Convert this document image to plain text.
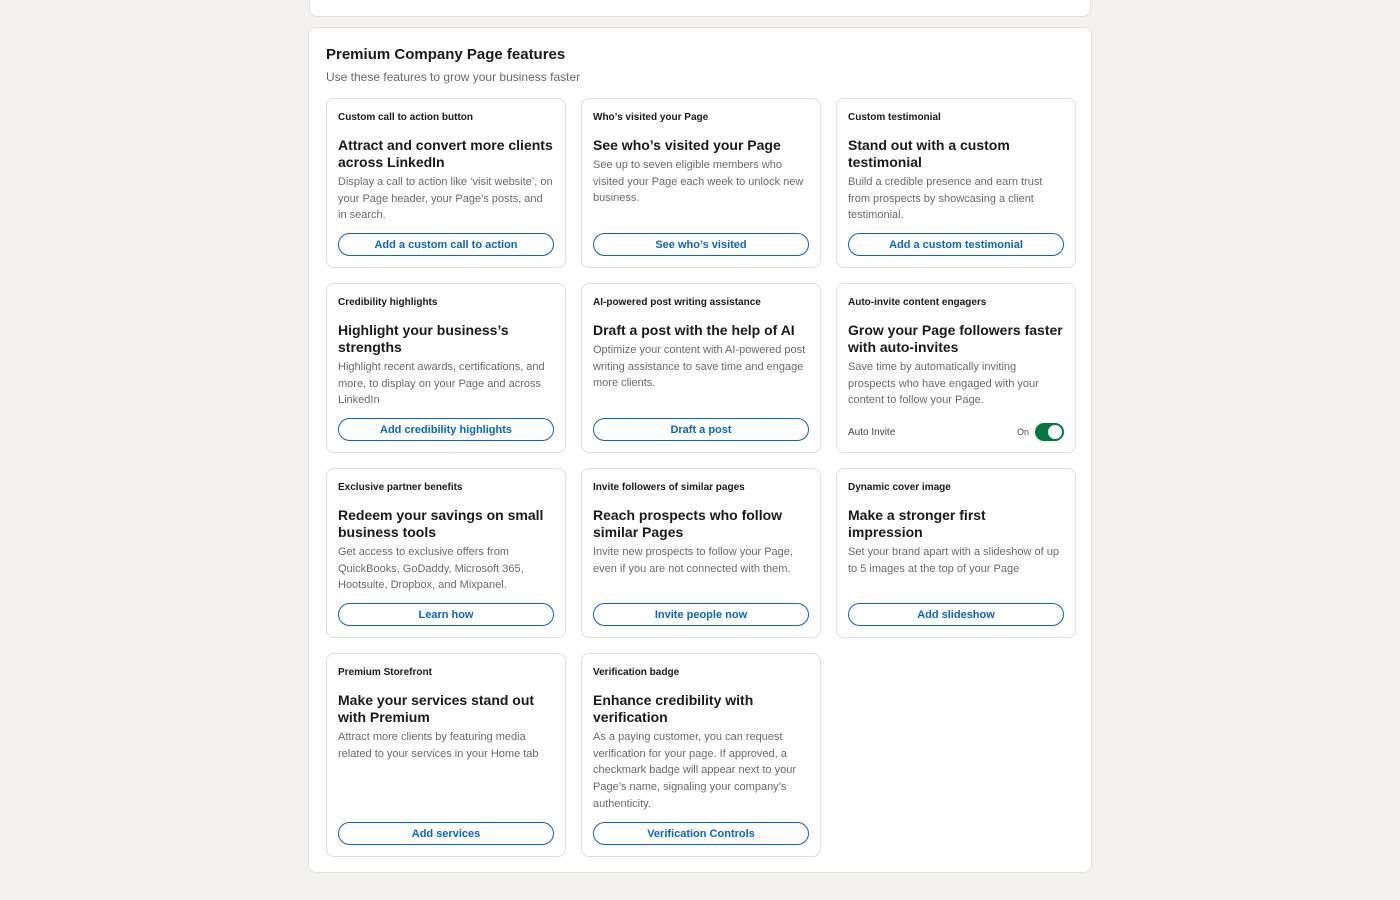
Premium Company Page features

Use these features to grow your business faster

Custom call to action button
Attract and convert more clients across LinkedIn
Display a call to action like ‘visit website’, on your Page header, your Page’s posts, and in search.
Add a custom call to action
Who’s visited your Page
See who’s visited your Page
See up to seven eligible members who visited your Page each week to unlock new business.
See who’s visited
Custom testimonial
Stand out with a custom testimonial
Build a credible presence and earn trust from prospects by showcasing a client testimonial.
Add a custom testimonial
Credibility highlights
Highlight your business’s strengths
Highlight recent awards, certifications, and more, to display on your Page and across LinkedIn
Add credibility highlights
AI-powered post writing assistance
Draft a post with the help of AI
Optimize your content with AI-powered post writing assistance to save time and engage more clients.
Draft a post
Auto-invite content engagers
Grow your Page followers faster with auto-invites
Save time by automatically inviting prospects who have engaged with your content to follow your Page.
Auto Invite	On
Exclusive partner benefits
Redeem your savings on small business tools
Get access to exclusive offers from QuickBooks, GoDaddy, Microsoft 365, Hootsuite, Dropbox, and Mixpanel.
Learn how
Invite followers of similar pages
Reach prospects who follow similar Pages
Invite new prospects to follow your Page, even if you are not connected with them.
Invite people now
Dynamic cover image
Make a stronger first impression
Set your brand apart with a slideshow of up to 5 images at the top of your Page
Add slideshow
Premium Storefront
Make your services stand out with Premium
Attract more clients by featuring media related to your services in your Home tab
Add services
Verification badge
Enhance credibility with verification
As a paying customer, you can request verification for your page. If approved, a checkmark badge will appear next to your Page’s name, signaling your company’s authenticity.
Verification Controls
